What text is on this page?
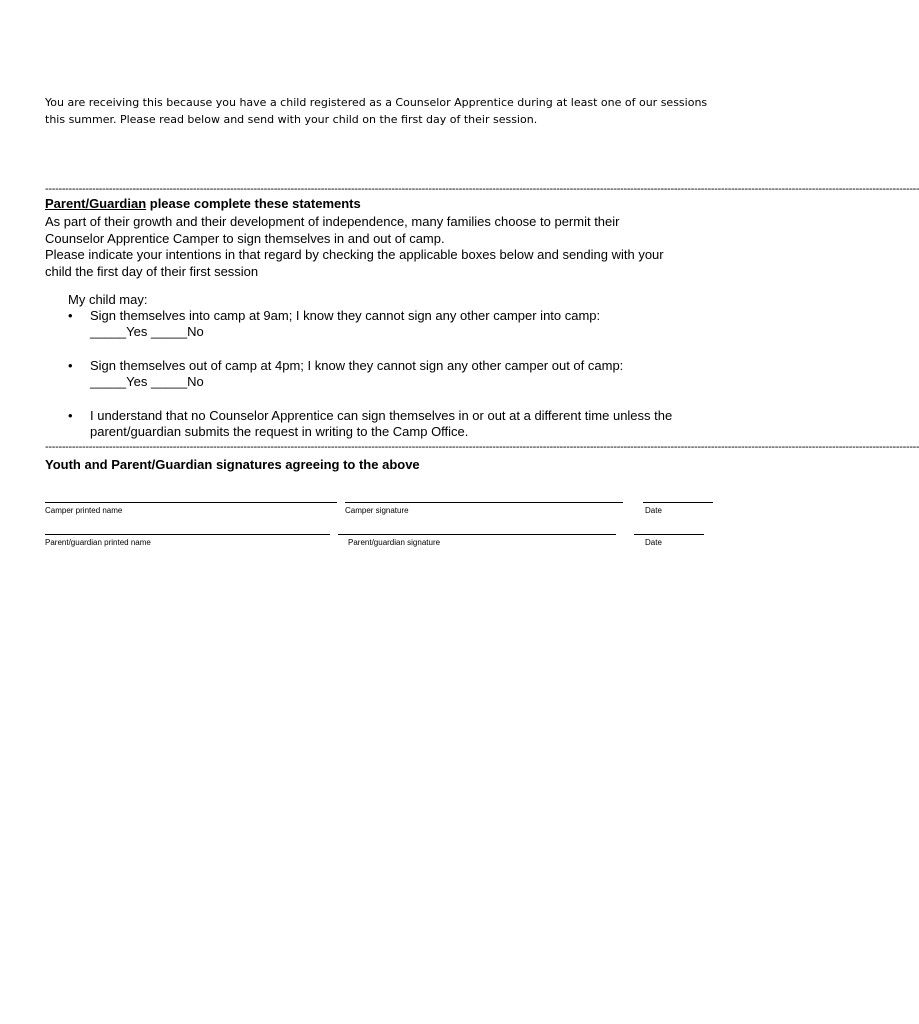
You are receiving this because you have a child registered as a Counselor Apprentice during at least one of our sessions

this summer. Please read below and send with your child on the first day of their session.

--------------------------------------------------------------------------------------------------------------------------------------------------------------------------------------------------------------------------------------------------------------------
Parent/Guardian please complete these statements

As part of their growth and their development of independence, many families choose to permit their

Counselor Apprentice Camper to sign themselves in and out of camp.

Please indicate your intentions in that regard by checking the applicable boxes below and sending with your

child the first day of their first session

My child may:
• Sign themselves into camp at 9am; I know they cannot sign any other camper into camp:
_____Yes _____No
• Sign themselves out of camp at 4pm; I know they cannot sign any other camper out of camp:
_____Yes _____No
• I understand that no Counselor Apprentice can sign themselves in or out at a different time unless the
parent/guardian submits the request in writing to the Camp Office.
--------------------------------------------------------------------------------------------------------------------------------------------------------------------------------------------------------------------------------------------------------------------
Youth and Parent/Guardian signatures agreeing to the above
Camper printed name	Camper signature	Date
Parent/guardian printed name	Parent/guardian signature	Date
